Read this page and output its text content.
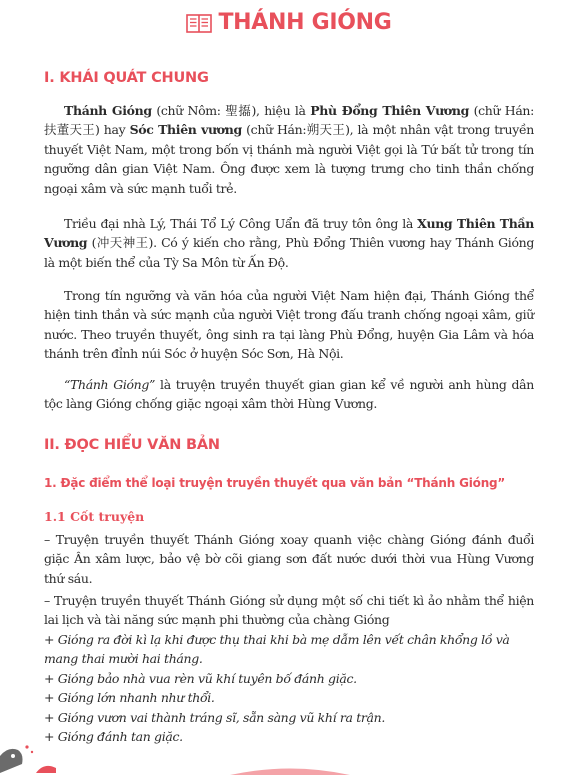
THÁNH GIÓNG
I. KHÁI QUÁT CHUNG
Thánh Gióng (chữ Nôm: 聖㩡), hiệu là Phù Đổng Thiên Vương (chữ Hán: 扶董天王) hay Sóc Thiên vương (chữ Hán:朔天王), là một nhân vật trong truyền thuyết Việt Nam, một trong bốn vị thánh mà người Việt gọi là Tứ bất tử trong tín ngưỡng dân gian Việt Nam. Ông được xem là tượng trưng cho tinh thần chống ngoại xâm và sức mạnh tuổi trẻ.
Triều đại nhà Lý, Thái Tổ Lý Công Uẩn đã truy tôn ông là Xung Thiên Thần Vương (冲天神王). Có ý kiến cho rằng, Phù Đổng Thiên vương hay Thánh Gióng là một biến thể của Tỳ Sa Môn từ Ấn Độ.
Trong tín ngưỡng và văn hóa của người Việt Nam hiện đại, Thánh Gióng thể hiện tinh thần và sức mạnh của người Việt trong đấu tranh chống ngoại xâm, giữ nước. Theo truyền thuyết, ông sinh ra tại làng Phù Đổng, huyện Gia Lâm và hóa thánh trên đỉnh núi Sóc ở huyện Sóc Sơn, Hà Nội.
“Thánh Gióng” là truyện truyền thuyết gian gian kể về người anh hùng dân tộc làng Gióng chống giặc ngoại xâm thời Hùng Vương.
II. ĐỌC HIỂU VĂN BẢN
1. Đặc điểm thể loại truyện truyền thuyết qua văn bản “Thánh Gióng”
1.1 Cốt truyện
– Truyện truyền thuyết Thánh Gióng xoay quanh việc chàng Gióng đánh đuổi giặc Ân xâm lược, bảo vệ bờ cõi giang sơn đất nước dưới thời vua Hùng Vương thứ sáu.
– Truyện truyền thuyết Thánh Gióng sử dụng một số chi tiết kì ảo nhằm thể hiện lai lịch và tài năng sức mạnh phi thường của chàng Gióng
+ Gióng ra đời kì lạ khi được thụ thai khi bà mẹ dẫm lên vết chân khổng lồ và mang thai mười hai tháng.
+ Gióng bảo nhà vua rèn vũ khí tuyên bố đánh giặc.
+ Gióng lớn nhanh như thổi.
+ Gióng vươn vai thành tráng sĩ, sẵn sàng vũ khí ra trận.
+ Gióng đánh tan giặc.
